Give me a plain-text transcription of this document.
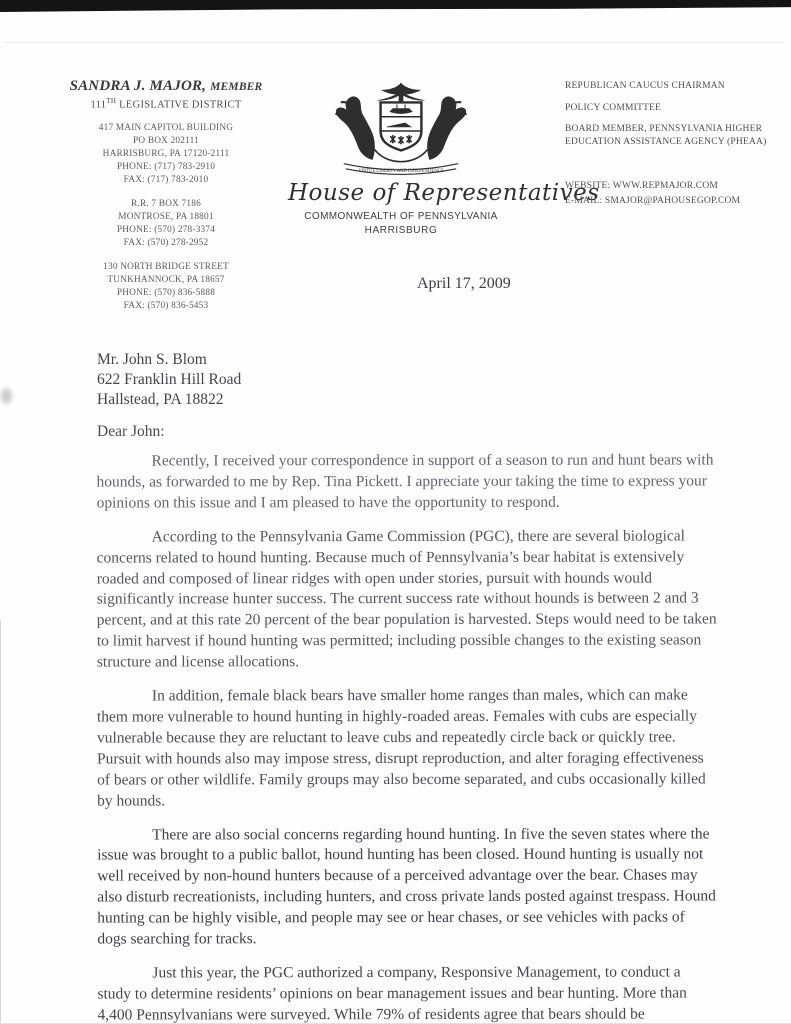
SANDRA J. MAJOR, MEMBER
111TH LEGISLATIVE DISTRICT
417 MAIN CAPITOL BUILDING
PO BOX 202111
HARRISBURG, PA 17120-2111
PHONE: (717) 783-2910
FAX: (717) 783-2010
R.R. 7 BOX 7186
MONTROSE, PA 18801
PHONE: (570) 278-3374
FAX: (570) 278-2952
130 NORTH BRIDGE STREET
TUNKHANNOCK, PA 18657
PHONE: (570) 836-5888
FAX: (570) 836-5453
VIRTUE LIBERTY AND INDEPENDENCE
House of Representatives
COMMONWEALTH OF PENNSYLVANIA
HARRISBURG
REPUBLICAN CAUCUS CHAIRMAN
POLICY COMMITTEE
BOARD MEMBER, PENNSYLVANIA HIGHER EDUCATION ASSISTANCE AGENCY (PHEAA)
WEBSITE: WWW.REPMAJOR.COM
E-MAIL: SMAJOR@PAHOUSEGOP.COM
April 17, 2009
Mr. John S. Blom
622 Franklin Hill Road
Hallstead, PA 18822
Dear John:

Recently, I received your correspondence in support of a season to run and hunt bears with hounds, as forwarded to me by Rep. Tina Pickett. I appreciate your taking the time to express your opinions on this issue and I am pleased to have the opportunity to respond.

According to the Pennsylvania Game Commission (PGC), there are several biological concerns related to hound hunting. Because much of Pennsylvania’s bear habitat is extensively roaded and composed of linear ridges with open under stories, pursuit with hounds would significantly increase hunter success. The current success rate without hounds is between 2 and 3 percent, and at this rate 20 percent of the bear population is harvested. Steps would need to be taken to limit harvest if hound hunting was permitted; including possible changes to the existing season structure and license allocations.

In addition, female black bears have smaller home ranges than males, which can make them more vulnerable to hound hunting in highly-roaded areas. Females with cubs are especially vulnerable because they are reluctant to leave cubs and repeatedly circle back or quickly tree. Pursuit with hounds also may impose stress, disrupt reproduction, and alter foraging effectiveness of bears or other wildlife. Family groups may also become separated, and cubs occasionally killed by hounds.

There are also social concerns regarding hound hunting. In five the seven states where the issue was brought to a public ballot, hound hunting has been closed. Hound hunting is usually not well received by non-hound hunters because of a perceived advantage over the bear. Chases may also disturb recreationists, including hunters, and cross private lands posted against trespass. Hound hunting can be highly visible, and people may see or hear chases, or see vehicles with packs of dogs searching for tracks.

Just this year, the PGC authorized a company, Responsive Management, to conduct a study to determine residents’ opinions on bear management issues and bear hunting. More than 4,400 Pennsylvanians were surveyed. While 79% of residents agree that bears should be
